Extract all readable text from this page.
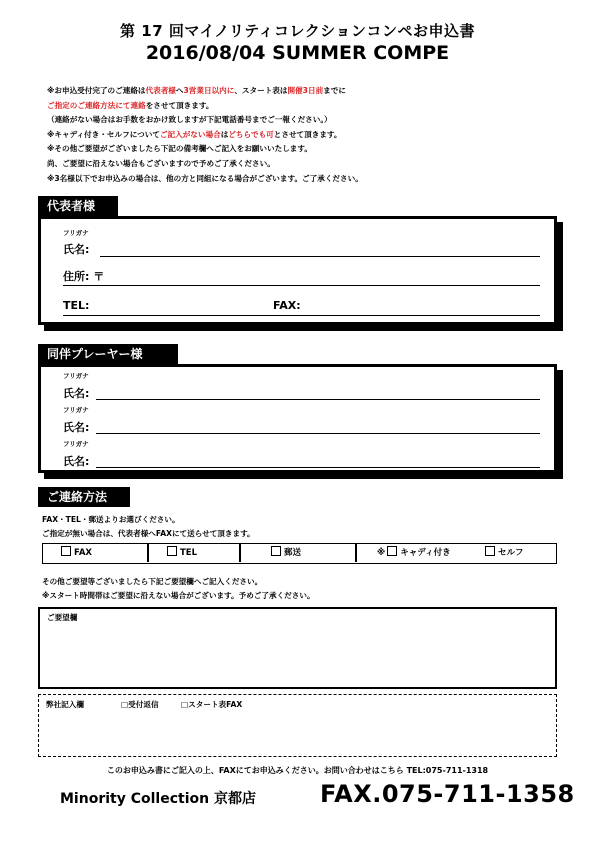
第 17 回マイノリティコレクションコンペお申込書
2016/08/04 SUMMER COMPE
※お申込受付完了のご連絡は代表者様へ3営業日以内に、スタート表は開催3日前までに
ご指定のご連絡方法にて連絡をさせて頂きます。
（連絡がない場合はお手数をおかけ致しますが下記電話番号までご一報ください。）
※キャディ付き・セルフについてご記入がない場合はどちらでも可とさせて頂きます。
※その他ご要望がございましたら下記の備考欄へご記入をお願いいたします。
尚、ご要望に沿えない場合もございますので予めご了承ください。
※3名様以下でお申込みの場合は、他の方と同組になる場合がございます。ご了承ください。
代表者様
フリガナ
氏名:
住所: 〒
TEL:	FAX:
同伴プレーヤー様
フリガナ
氏名:
フリガナ
氏名:
フリガナ
氏名:
ご連絡方法
FAX・TEL・郵送よりお選びください。
ご指定が無い場合は、代表者様へFAXにて送らせて頂きます。
FAX	TEL	郵送	※ キャディ付き	セルフ
その他ご要望等ございましたら下記ご要望欄へご記入ください。
※スタート時間帯はご要望に沿えない場合がございます。予めご了承ください。
ご要望欄
弊社記入欄	□受付返信	□スタート表FAX
このお申込み書にご記入の上、FAXにてお申込みください。お問い合わせはこちら TEL:075-711-1318
Minority Collection 京都店	FAX.075-711-1358
